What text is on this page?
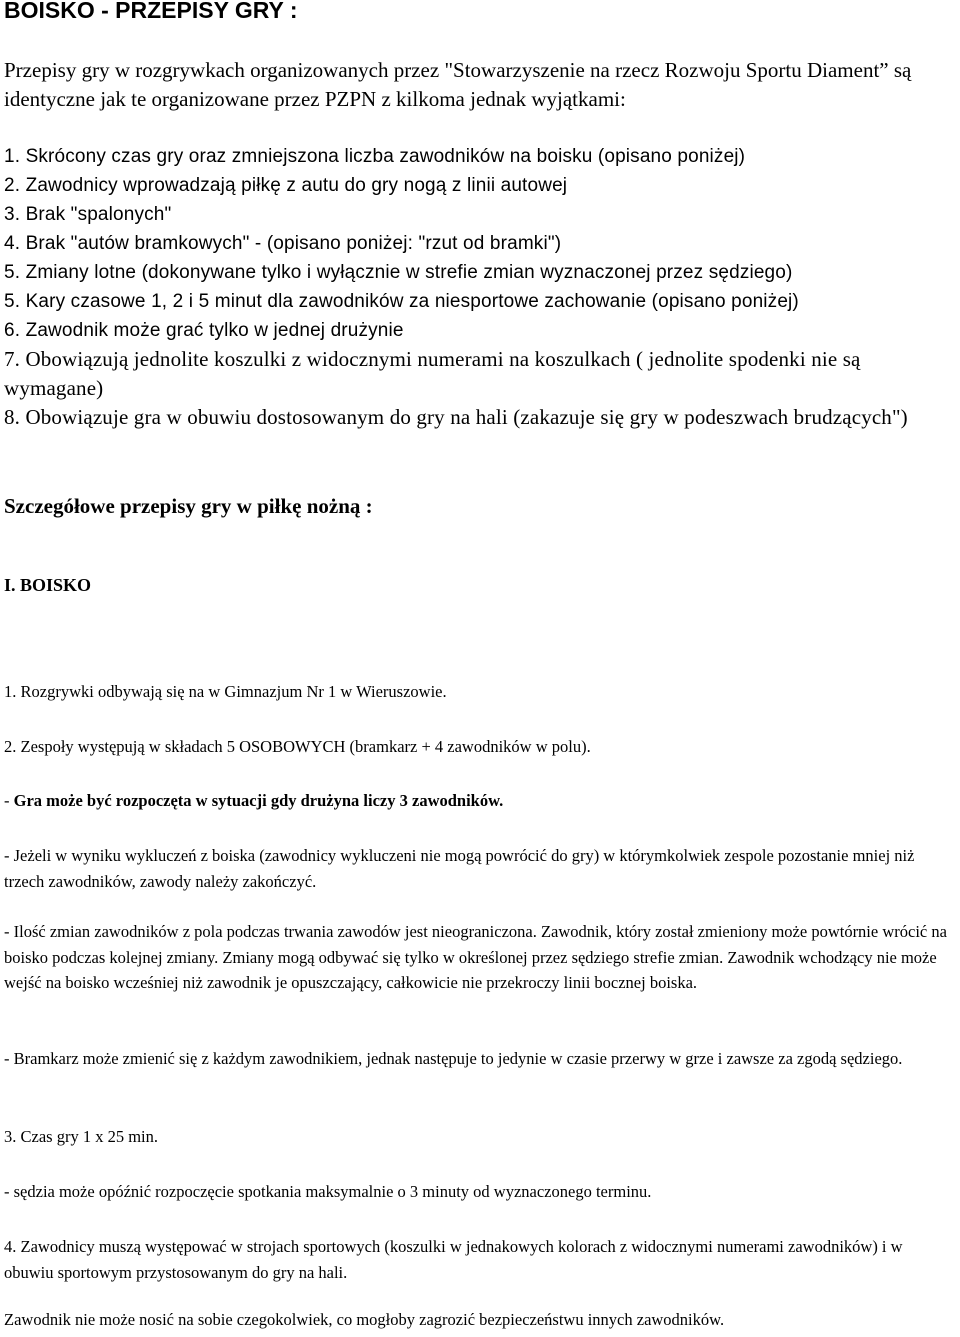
BOISKO - PRZEPISY GRY :
Przepisy gry w rozgrywkach organizowanych przez "Stowarzyszenie na rzecz Rozwoju Sportu Diament” są identyczne jak te organizowane przez PZPN z kilkoma jednak wyjątkami:
1. Skrócony czas gry oraz zmniejszona liczba zawodników na boisku (opisano poniżej)
2. Zawodnicy wprowadzają piłkę z autu do gry nogą z linii autowej
3. Brak "spalonych"
4. Brak "autów bramkowych" - (opisano poniżej: "rzut od bramki")
5. Zmiany lotne (dokonywane tylko i wyłącznie w strefie zmian wyznaczonej przez sędziego)
5. Kary czasowe 1, 2 i 5 minut dla zawodników za niesportowe zachowanie (opisano poniżej)
6. Zawodnik może grać tylko w jednej drużynie
7. Obowiązują jednolite koszulki z widocznymi numerami na koszulkach ( jednolite spodenki nie są wymagane)
8. Obowiązuje gra w obuwiu dostosowanym do gry na hali (zakazuje się gry w podeszwach brudzących")
Szczegółowe przepisy gry w piłkę nożną :
I. BOISKO
1. Rozgrywki odbywają się na w Gimnazjum Nr 1 w Wieruszowie.
2. Zespoły występują w składach 5 OSOBOWYCH (bramkarz + 4 zawodników w polu).
- Gra może być rozpoczęta w sytuacji gdy drużyna liczy 3 zawodników.
- Jeżeli w wyniku wykluczeń z boiska (zawodnicy wykluczeni nie mogą powrócić do gry) w którymkolwiek zespole pozostanie mniej niż trzech zawodników, zawody należy zakończyć.
- Ilość zmian zawodników z pola podczas trwania zawodów jest nieograniczona. Zawodnik, który został zmieniony może powtórnie wrócić na boisko podczas kolejnej zmiany. Zmiany mogą odbywać się tylko w określonej przez sędziego strefie zmian. Zawodnik wchodzący nie może wejść na boisko wcześniej niż zawodnik je opuszczający, całkowicie nie przekroczy linii bocznej boiska.
- Bramkarz może zmienić się z każdym zawodnikiem, jednak następuje to jedynie w czasie przerwy w grze i zawsze za zgodą sędziego.
3. Czas gry 1 x 25 min.
- sędzia może opóźnić rozpoczęcie spotkania maksymalnie o 3 minuty od wyznaczonego terminu.
4. Zawodnicy muszą występować w strojach sportowych (koszulki w jednakowych kolorach z widocznymi numerami zawodników) i w obuwiu sportowym przystosowanym do gry na hali.
Zawodnik nie może nosić na sobie czegokolwiek, co mogłoby zagrozić bezpieczeństwu innych zawodników.
